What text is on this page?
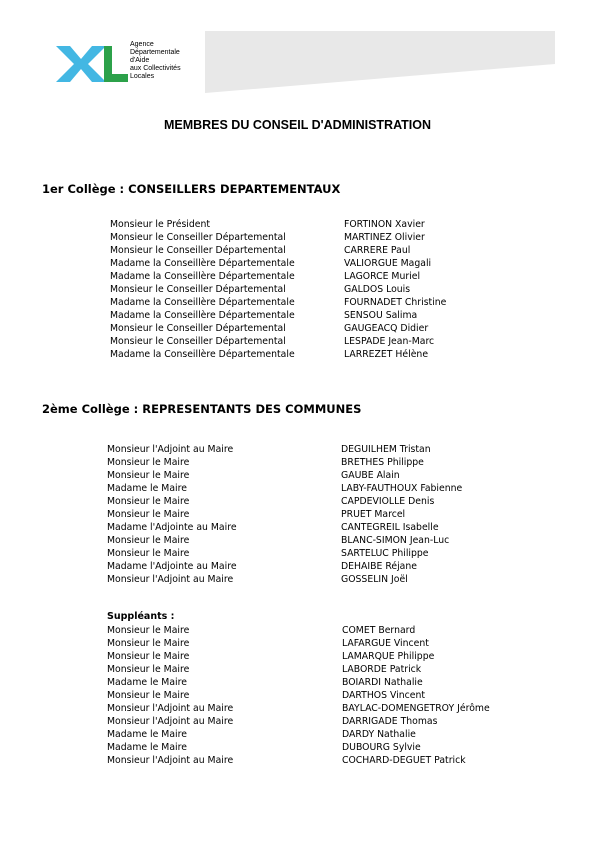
Agence
Départementale
d'Aide
aux Collectivités
Locales
MEMBRES DU CONSEIL D'ADMINISTRATION
1er Collège : CONSEILLERS DEPARTEMENTAUX
Monsieur le Président	FORTINON Xavier
Monsieur le Conseiller Départemental	MARTINEZ Olivier
Monsieur le Conseiller Départemental	CARRERE Paul
Madame la Conseillère Départementale	VALIORGUE Magali
Madame la Conseillère Départementale	LAGORCE Muriel
Monsieur le Conseiller Départemental	GALDOS Louis
Madame la Conseillère Départementale	FOURNADET Christine
Madame la Conseillère Départementale	SENSOU Salima
Monsieur le Conseiller Départemental	GAUGEACQ Didier
Monsieur le Conseiller Départemental	LESPADE Jean-Marc
Madame la Conseillère Départementale	LARREZET Hélène
2ème Collège : REPRESENTANTS DES COMMUNES
Monsieur l'Adjoint au Maire	DEGUILHEM Tristan
Monsieur le Maire	BRETHES Philippe
Monsieur le Maire	GAUBE Alain
Madame le Maire	LABY-FAUTHOUX Fabienne
Monsieur le Maire	CAPDEVIOLLE Denis
Monsieur le Maire	PRUET Marcel
Madame l'Adjointe au Maire	CANTEGREIL Isabelle
Monsieur le Maire	BLANC-SIMON Jean-Luc
Monsieur le Maire	SARTELUC Philippe
Madame l'Adjointe au Maire	DEHAIBE Réjane
Monsieur l'Adjoint au Maire	GOSSELIN Joël
Suppléants :
Monsieur le Maire	COMET Bernard
Monsieur le Maire	LAFARGUE Vincent
Monsieur le Maire	LAMARQUE Philippe
Monsieur le Maire	LABORDE Patrick
Madame le Maire	BOIARDI Nathalie
Monsieur le Maire	DARTHOS Vincent
Monsieur l'Adjoint au Maire	BAYLAC-DOMENGETROY Jérôme
Monsieur l'Adjoint au Maire	DARRIGADE Thomas
Madame le Maire	DARDY Nathalie
Madame le Maire	DUBOURG Sylvie
Monsieur l'Adjoint au Maire	COCHARD-DEGUET Patrick
